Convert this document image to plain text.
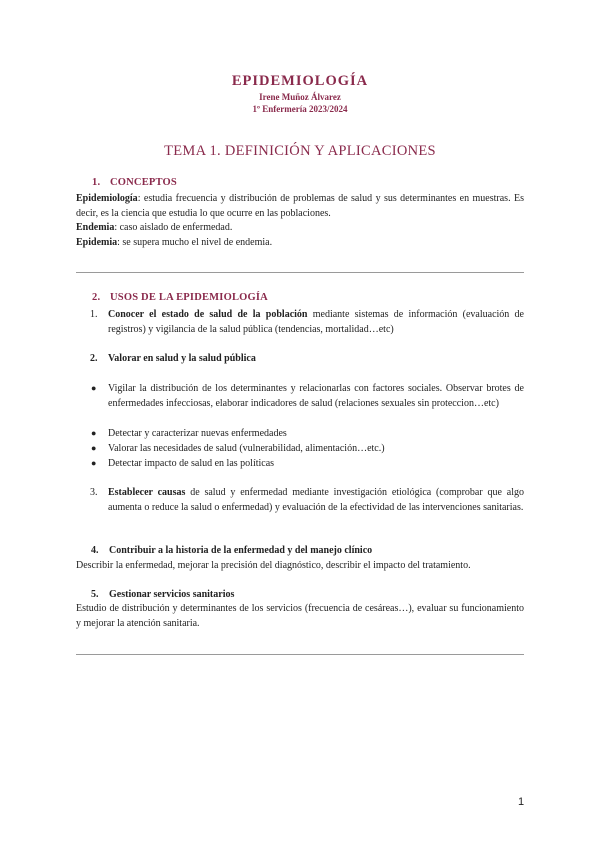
EPIDEMIOLOGÍA
Irene Muñoz Álvarez
1º Enfermería 2023/2024
TEMA 1. DEFINICIÓN Y APLICACIONES
1. CONCEPTOS
Epidemiología: estudia frecuencia y distribución de problemas de salud y sus determinantes en muestras. Es decir, es la ciencia que estudia lo que ocurre en las poblaciones.
Endemia: caso aislado de enfermedad.
Epidemia: se supera mucho el nivel de endemia.
2. USOS DE LA EPIDEMIOLOGÍA
1. Conocer el estado de salud de la población mediante sistemas de información (evaluación de registros) y vigilancia de la salud pública (tendencias, mortalidad…etc)
2. Valorar en salud y la salud pública
● Vigilar la distribución de los determinantes y relacionarlas con factores sociales. Observar brotes de enfermedades infecciosas, elaborar indicadores de salud (relaciones sexuales sin proteccion…etc)
● Detectar y caracterizar nuevas enfermedades
● Valorar las necesidades de salud (vulnerabilidad, alimentación…etc.)
● Detectar impacto de salud en las políticas
3. Establecer causas de salud y enfermedad mediante investigación etiológica (comprobar que algo aumenta o reduce la salud o enfermedad) y evaluación de la efectividad de las intervenciones sanitarias.
4. Contribuir a la historia de la enfermedad y del manejo clínico
Describir la enfermedad, mejorar la precisión del diagnóstico, describir el impacto del tratamiento.
5. Gestionar servicios sanitarios
Estudio de distribución y determinantes de los servicios (frecuencia de cesáreas…), evaluar su funcionamiento y mejorar la atención sanitaria.
1
